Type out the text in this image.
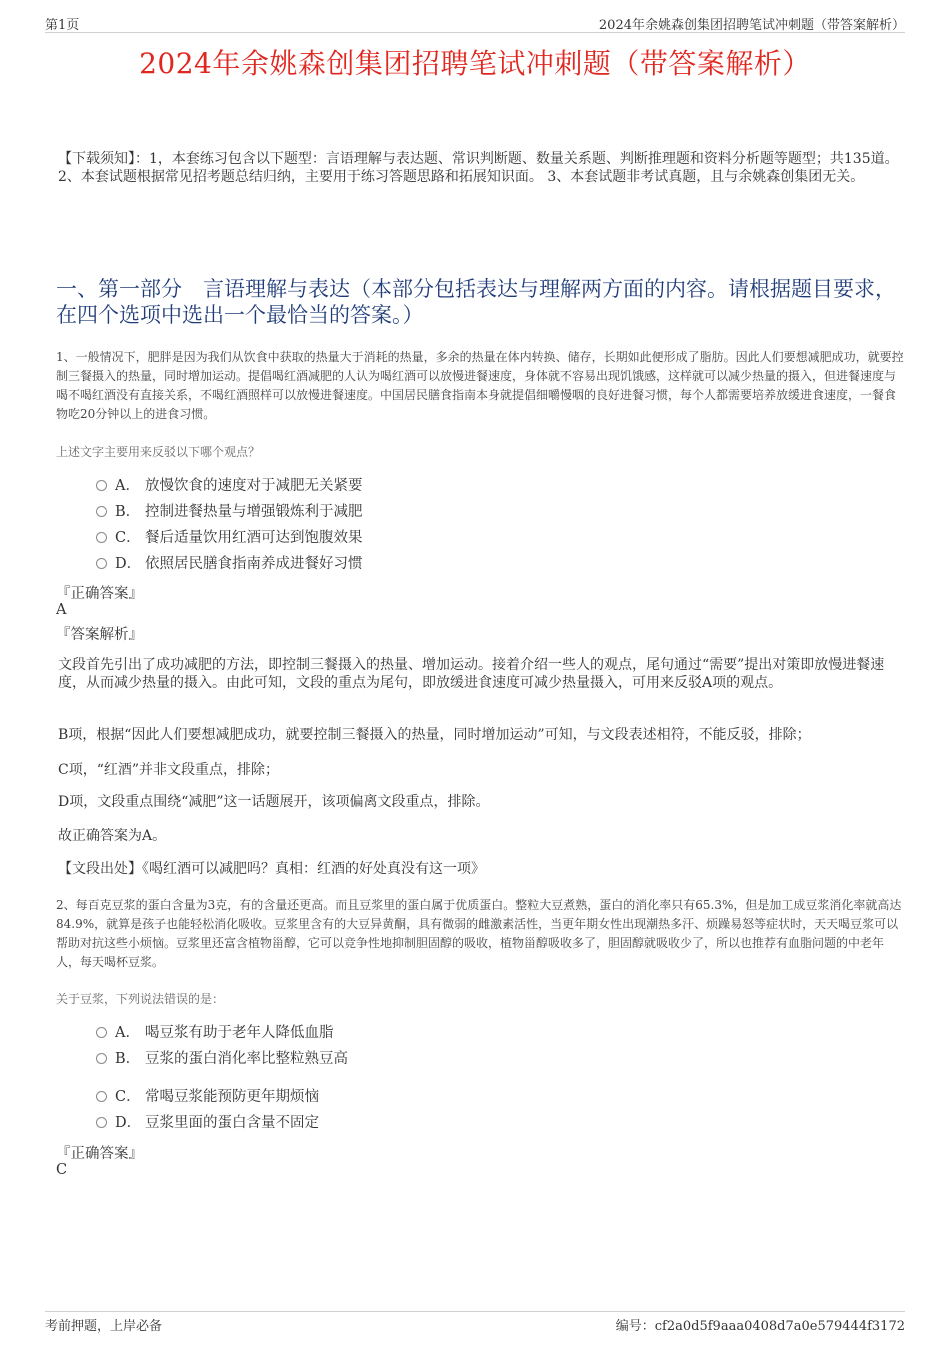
第1页	2024年余姚森创集团招聘笔试冲刺题（带答案解析）
2024年余姚森创集团招聘笔试冲刺题（带答案解析）
【下载须知】：1，本套练习包含以下题型：言语理解与表达题、常识判断题、数量关系题、判断推理题和资料分析题等题型；共135道。 2、本套试题根据常见招考题总结归纳，主要用于练习答题思路和拓展知识面。 3、本套试题非考试真题，且与余姚森创集团无关。
一、第一部分　言语理解与表达（本部分包括表达与理解两方面的内容。请根据题目要求，在四个选项中选出一个最恰当的答案。）
1、一般情况下，肥胖是因为我们从饮食中获取的热量大于消耗的热量，多余的热量在体内转换、储存，长期如此便形成了脂肪。因此人们要想减肥成功，就要控制三餐摄入的热量，同时增加运动。提倡喝红酒减肥的人认为喝红酒可以放慢进餐速度，身体就不容易出现饥饿感，这样就可以减少热量的摄入，但进餐速度与喝不喝红酒没有直接关系，不喝红酒照样可以放慢进餐速度。中国居民膳食指南本身就提倡细嚼慢咽的良好进餐习惯，每个人都需要培养放缓进食速度，一餐食物吃20分钟以上的进食习惯。
上述文字主要用来反驳以下哪个观点？
A． 放慢饮食的速度对于减肥无关紧要
B． 控制进餐热量与增强锻炼利于减肥
C． 餐后适量饮用红酒可达到饱腹效果
D． 依照居民膳食指南养成进餐好习惯
『正确答案』
A
『答案解析』
文段首先引出了成功减肥的方法，即控制三餐摄入的热量、增加运动。接着介绍一些人的观点，尾句通过“需要”提出对策即放慢进餐速度，从而减少热量的摄入。由此可知，文段的重点为尾句，即放缓进食速度可减少热量摄入，可用来反驳A项的观点。
B项，根据“因此人们要想减肥成功，就要控制三餐摄入的热量，同时增加运动”可知，与文段表述相符，不能反驳，排除；
C项，“红酒”并非文段重点，排除；
D项，文段重点围绕“减肥”这一话题展开，该项偏离文段重点，排除。
故正确答案为A。
【文段出处】《喝红酒可以减肥吗？真相：红酒的好处真没有这一项》
2、每百克豆浆的蛋白含量为3克，有的含量还更高。而且豆浆里的蛋白属于优质蛋白。整粒大豆煮熟，蛋白的消化率只有65.3%，但是加工成豆浆消化率就高达84.9%，就算是孩子也能轻松消化吸收。豆浆里含有的大豆异黄酮，具有微弱的雌激素活性，当更年期女性出现潮热多汗、烦躁易怒等症状时，天天喝豆浆可以帮助对抗这些小烦恼。豆浆里还富含植物甾醇，它可以竞争性地抑制胆固醇的吸收，植物甾醇吸收多了，胆固醇就吸收少了，所以也推荐有血脂问题的中老年人，每天喝杯豆浆。
关于豆浆，下列说法错误的是：
A． 喝豆浆有助于老年人降低血脂
B． 豆浆的蛋白消化率比整粒熟豆高
C． 常喝豆浆能预防更年期烦恼
D． 豆浆里面的蛋白含量不固定
『正确答案』
C
考前押题，上岸必备	编号：cf2a0d5f9aaa0408d7a0e579444f3172
